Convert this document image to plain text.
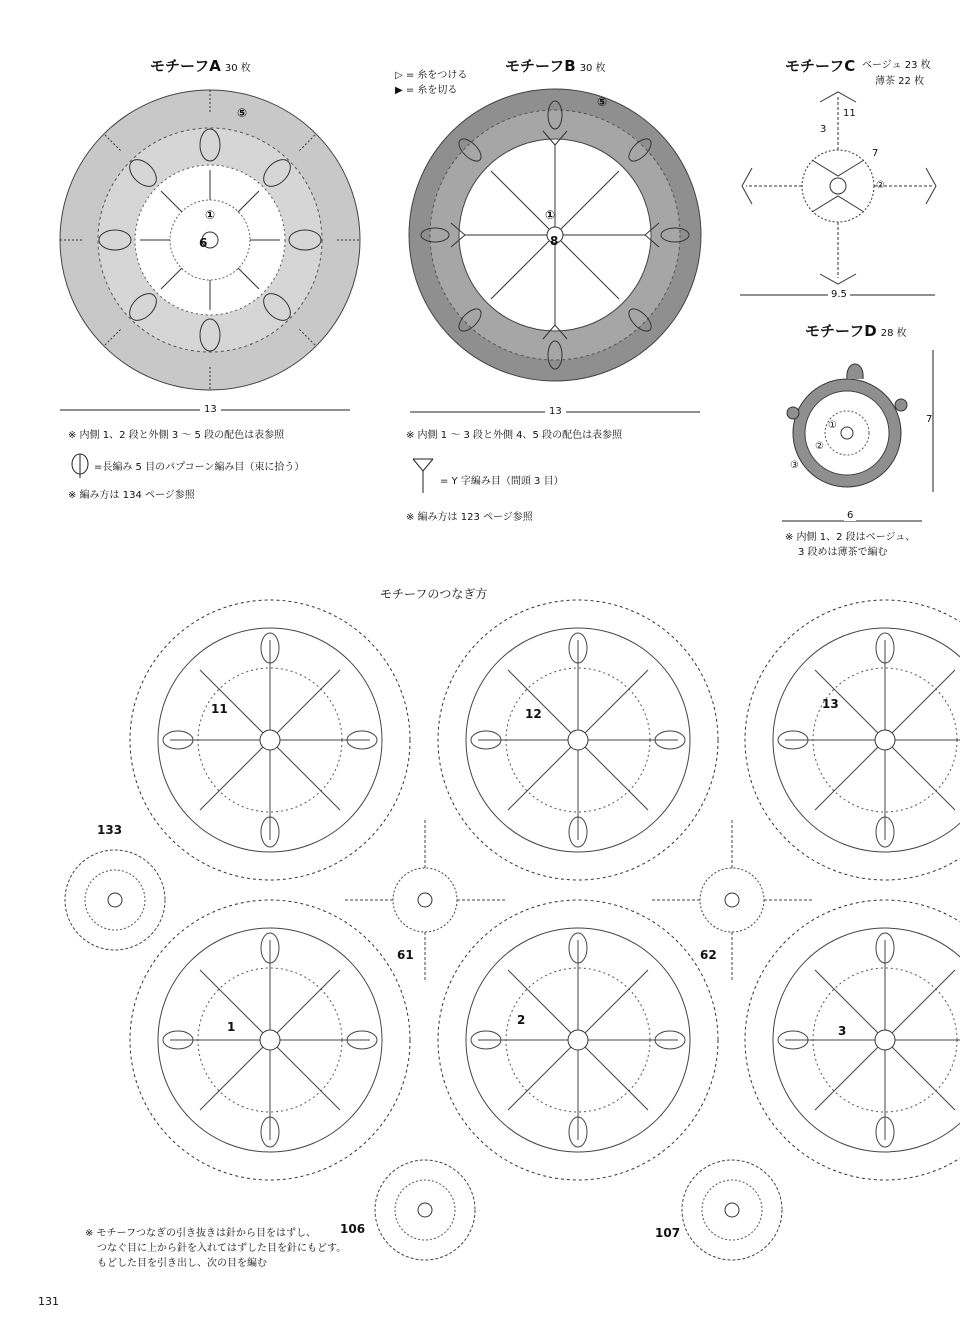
モチーフA 30 枚
①
⑤
6
13
※ 内側 1、2 段と外側 3 ～ 5 段の配色は表参照
=長編み 5 目のパプコーン編み目（束に拾う）
※ 編み方は 134 ページ参照
▷ = 糸をつける
▶ = 糸を切る
モチーフB 30 枚
①
⑤
8
13
※ 内側 1 ～ 3 段と外側 4、5 段の配色は表参照
= Y 字編み目（間頭 3 目）
※ 編み方は 123 ページ参照
モチーフC ベージュ 23 枚
薄茶 22 枚
11
3
7
②
9.5
モチーフD 28 枚
①
②
③
7
6
※ 内側 1、2 段はベージュ、
3 段めは薄茶で編む
モチーフのつなぎ方
11	12
13
133
61	62
1	2
3
106	107
※ モチーフつなぎの引き抜きは針から目をはずし、
つなぐ目に上から針を入れてはずした目を針にもどす。
もどした目を引き出し、次の目を編む
131
